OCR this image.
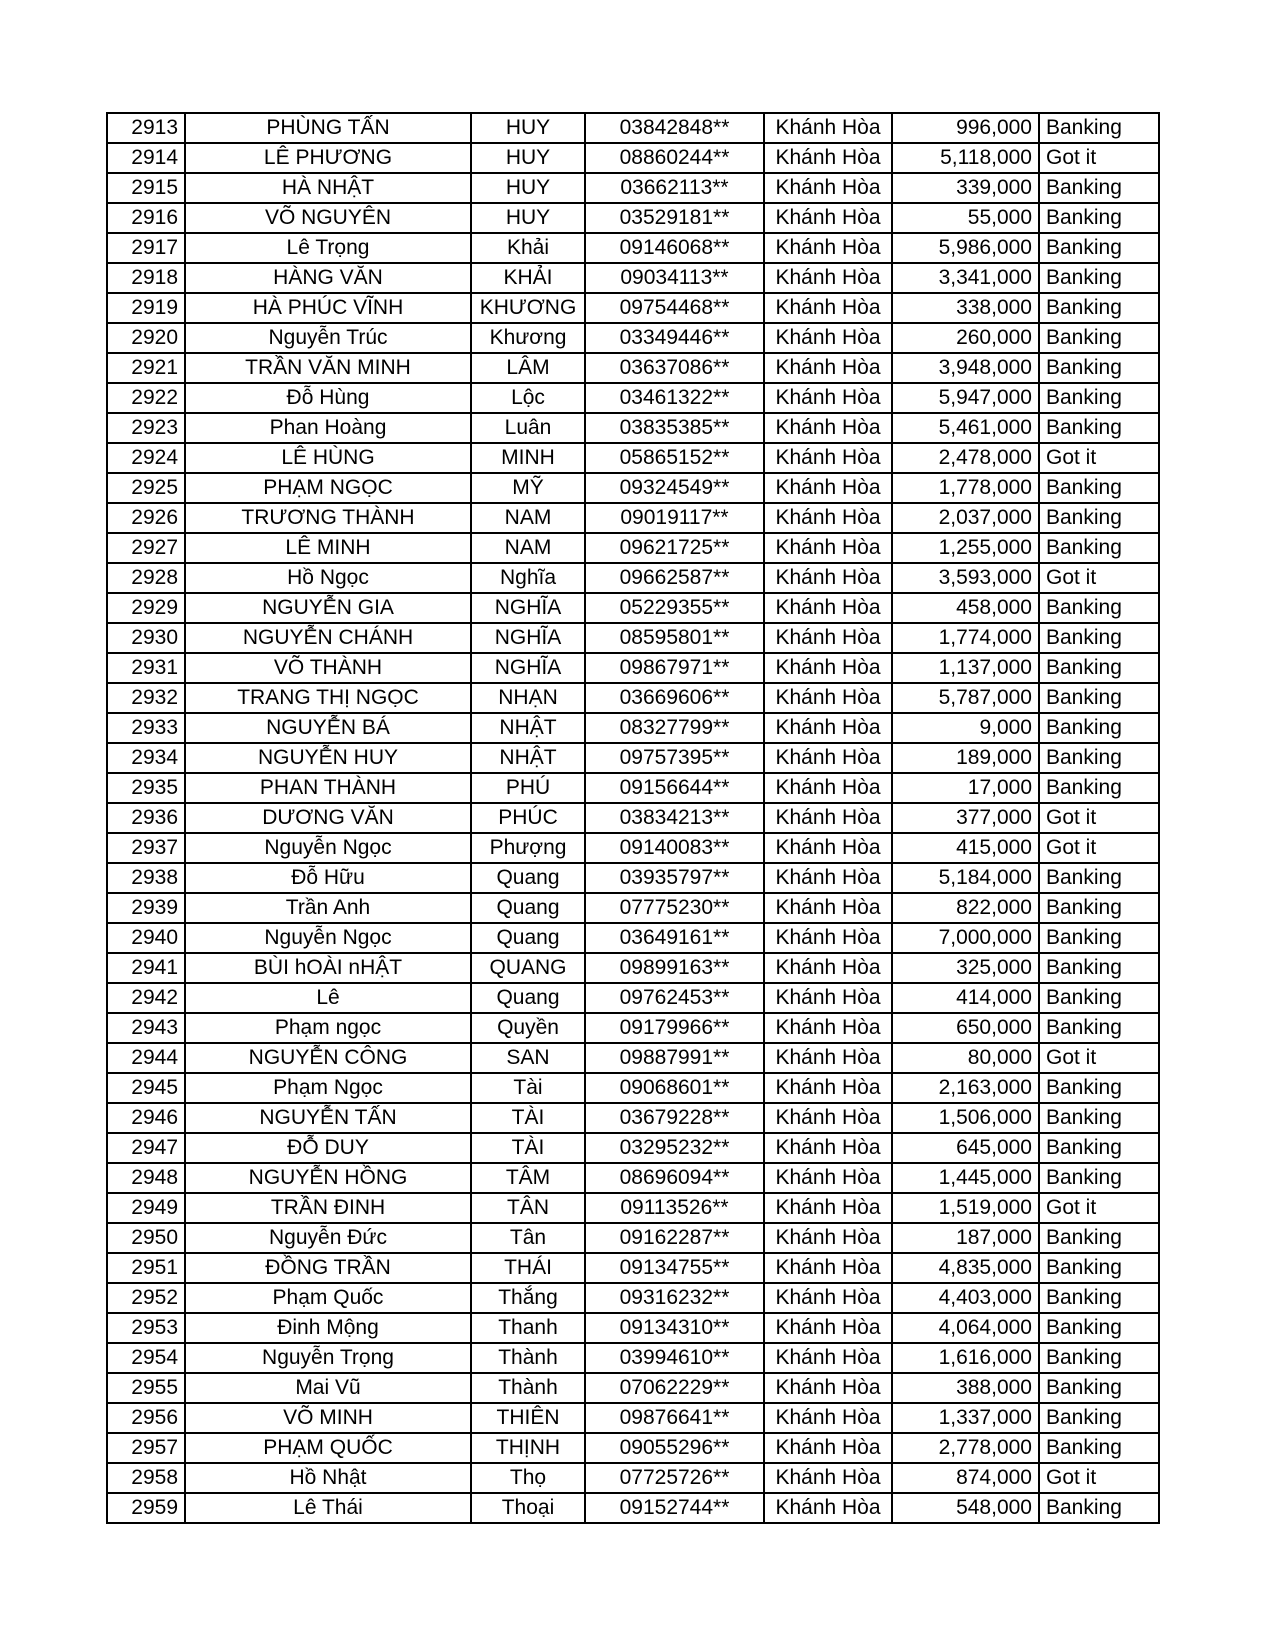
2913	PHÙNG TẤN	HUY	03842848**	Khánh Hòa	996,000	Banking
2914	LÊ PHƯƠNG	HUY	08860244**	Khánh Hòa	5,118,000	Got it
2915	HÀ NHẬT	HUY	03662113**	Khánh Hòa	339,000	Banking
2916	VÕ NGUYÊN	HUY	03529181**	Khánh Hòa	55,000	Banking
2917	Lê Trọng	Khải	09146068**	Khánh Hòa	5,986,000	Banking
2918	HÀNG VĂN	KHẢI	09034113**	Khánh Hòa	3,341,000	Banking
2919	HÀ PHÚC VĨNH	KHƯƠNG	09754468**	Khánh Hòa	338,000	Banking
2920	Nguyễn Trúc	Khương	03349446**	Khánh Hòa	260,000	Banking
2921	TRẦN VĂN MINH	LÂM	03637086**	Khánh Hòa	3,948,000	Banking
2922	Đỗ Hùng	Lộc	03461322**	Khánh Hòa	5,947,000	Banking
2923	Phan Hoàng	Luân	03835385**	Khánh Hòa	5,461,000	Banking
2924	LÊ HÙNG	MINH	05865152**	Khánh Hòa	2,478,000	Got it
2925	PHẠM NGỌC	MỸ	09324549**	Khánh Hòa	1,778,000	Banking
2926	TRƯƠNG THÀNH	NAM	09019117**	Khánh Hòa	2,037,000	Banking
2927	LÊ MINH	NAM	09621725**	Khánh Hòa	1,255,000	Banking
2928	Hồ Ngọc	Nghĩa	09662587**	Khánh Hòa	3,593,000	Got it
2929	NGUYỄN GIA	NGHĨA	05229355**	Khánh Hòa	458,000	Banking
2930	NGUYỄN CHÁNH	NGHĨA	08595801**	Khánh Hòa	1,774,000	Banking
2931	VÕ THÀNH	NGHĨA	09867971**	Khánh Hòa	1,137,000	Banking
2932	TRANG THỊ NGỌC	NHẠN	03669606**	Khánh Hòa	5,787,000	Banking
2933	NGUYỄN BÁ	NHẬT	08327799**	Khánh Hòa	9,000	Banking
2934	NGUYỄN HUY	NHẬT	09757395**	Khánh Hòa	189,000	Banking
2935	PHAN THÀNH	PHÚ	09156644**	Khánh Hòa	17,000	Banking
2936	DƯƠNG VĂN	PHÚC	03834213**	Khánh Hòa	377,000	Got it
2937	Nguyễn Ngọc	Phượng	09140083**	Khánh Hòa	415,000	Got it
2938	Đỗ Hữu	Quang	03935797**	Khánh Hòa	5,184,000	Banking
2939	Trần Anh	Quang	07775230**	Khánh Hòa	822,000	Banking
2940	Nguyễn Ngọc	Quang	03649161**	Khánh Hòa	7,000,000	Banking
2941	BÙI hOÀI nHẬT	QUANG	09899163**	Khánh Hòa	325,000	Banking
2942	Lê	Quang	09762453**	Khánh Hòa	414,000	Banking
2943	Phạm ngọc	Quyền	09179966**	Khánh Hòa	650,000	Banking
2944	NGUYỄN CÔNG	SAN	09887991**	Khánh Hòa	80,000	Got it
2945	Phạm Ngọc	Tài	09068601**	Khánh Hòa	2,163,000	Banking
2946	NGUYỄN TẤN	TÀI	03679228**	Khánh Hòa	1,506,000	Banking
2947	ĐỖ DUY	TÀI	03295232**	Khánh Hòa	645,000	Banking
2948	NGUYỄN HỒNG	TÂM	08696094**	Khánh Hòa	1,445,000	Banking
2949	TRẦN ĐINH	TÂN	09113526**	Khánh Hòa	1,519,000	Got it
2950	Nguyễn Đức	Tân	09162287**	Khánh Hòa	187,000	Banking
2951	ĐỒNG TRẦN	THÁI	09134755**	Khánh Hòa	4,835,000	Banking
2952	Phạm Quốc	Thắng	09316232**	Khánh Hòa	4,403,000	Banking
2953	Đinh Mộng	Thanh	09134310**	Khánh Hòa	4,064,000	Banking
2954	Nguyễn Trọng	Thành	03994610**	Khánh Hòa	1,616,000	Banking
2955	Mai Vũ	Thành	07062229**	Khánh Hòa	388,000	Banking
2956	VÕ MINH	THIÊN	09876641**	Khánh Hòa	1,337,000	Banking
2957	PHẠM QUỐC	THỊNH	09055296**	Khánh Hòa	2,778,000	Banking
2958	Hồ Nhật	Thọ	07725726**	Khánh Hòa	874,000	Got it
2959	Lê Thái	Thoại	09152744**	Khánh Hòa	548,000	Banking
